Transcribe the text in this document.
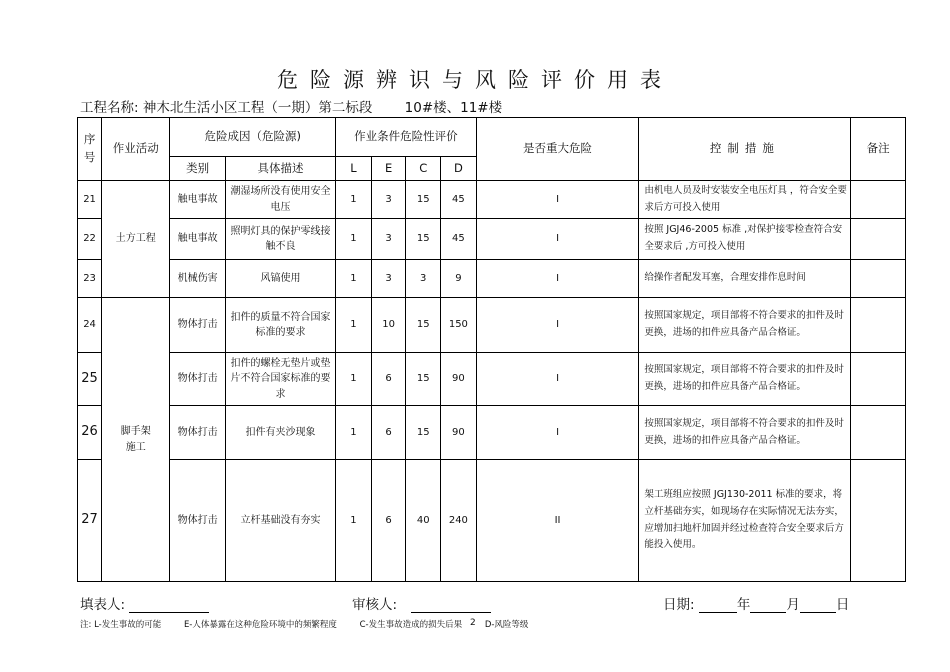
危险源辨识与风险评价用表
工程名称: 神木北生活小区工程（一期）第二标段 10#楼、11#楼
序号	作业活动	危险成因（危险源)		作业条件危险性评价				是否重大危险	控制措施	备注
		类别	具体描述	L	E	C	D			
21	土方工程	触电事故	潮湿场所没有使用安全电压	1	3	15	45	I	由机电人员及时安装安全电压灯具 ，符合安全要求后方可投入使用	
22		触电事故	照明灯具的保护零线接触不良	1	3	15	45	I	按照 JGJ46-2005 标准 ,对保护接零检查符合安全要求后 ,方可投入使用	
23		机械伤害	风镐使用	1	3	3	9	I	给操作者配发耳塞，合理安排作息时间	
24	脚手架施工	物体打击	扣件的质量不符合国家标准的要求	1	10	15	150	I	按照国家规定，项目部将不符合要求的扣件及时更换，进场的扣件应具备产品合格证。	
25		物体打击	扣件的螺栓无垫片或垫片不符合国家标准的要求	1	6	15	90	I	按照国家规定，项目部将不符合要求的扣件及时更换，进场的扣件应具备产品合格证。	
26		物体打击	扣件有夹沙现象	1	6	15	90	I	按照国家规定，项目部将不符合要求的扣件及时更换，进场的扣件应具备产品合格证。	
27		物体打击	立杆基础没有夯实	1	6	40	240	II	架工班组应按照 JGJ130-2011 标准的要求，将立杆基础夯实，如现场存在实际情况无法夯实，应增加扫地杆加固并经过检查符合安全要求后方能投入使用。	
填表人:	审核人:	日期:	年	月	日
注: L-发生事故的可能	E-人体暴露在这种危险环境中的频繁程度	C-发生事故造成的损失后果	D-风险等级
2
